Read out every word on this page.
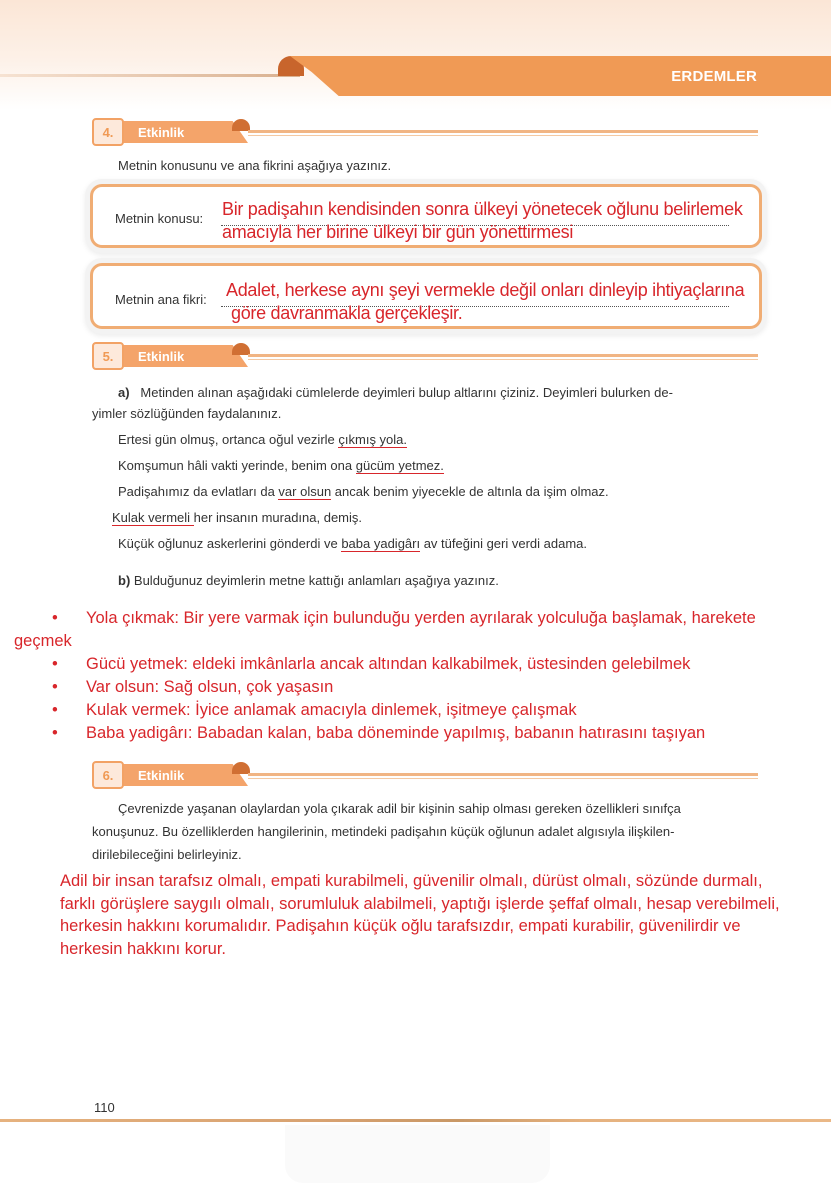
ERDEMLER
4.	Etkinlik
Metnin konusunu ve ana fikrini aşağıya yazınız.
Metnin konusu: Bir padişahın kendisinden sonra ülkeyi yönetecek oğlunu belirlemek
amacıyla her birine ülkeyi bir gün yönettirmesi
Metnin ana fikri: Adalet, herkese aynı şeyi vermekle değil onları dinleyip ihtiyaçlarına
göre davranmakla gerçekleşir.
5.	Etkinlik
a) Metinden alınan aşağıdaki cümlelerde deyimleri bulup altlarını çiziniz. Deyimleri bulurken de-
yimler sözlüğünden faydalanınız.
Ertesi gün olmuş, ortanca oğul vezirle çıkmış yola.
Komşumun hâli vakti yerinde, benim ona gücüm yetmez.
Padişahımız da evlatları da var olsun ancak benim yiyecekle de altınla da işim olmaz.
Kulak vermeli her insanın muradına, demiş.
Küçük oğlunuz askerlerini gönderdi ve baba yadigârı av tüfeğini geri verdi adama.
b) Bulduğunuz deyimlerin metne kattığı anlamları aşağıya yazınız.
• Yola çıkmak: Bir yere varmak için bulunduğu yerden ayrılarak yolculuğa başlamak, harekete
geçmek
• Gücü yetmek: eldeki imkânlarla ancak altından kalkabilmek, üstesinden gelebilmek
• Var olsun: Sağ olsun, çok yaşasın
• Kulak vermek: İyice anlamak amacıyla dinlemek, işitmeye çalışmak
• Baba yadigârı: Babadan kalan, baba döneminde yapılmış, babanın hatırasını taşıyan
6.	Etkinlik
Çevrenizde yaşanan olaylardan yola çıkarak adil bir kişinin sahip olması gereken özellikleri sınıfça
konuşunuz. Bu özelliklerden hangilerinin, metindeki padişahın küçük oğlunun adalet algısıyla ilişkilen-
dirilebileceğini belirleyiniz.
Adil bir insan tarafsız olmalı, empati kurabilmeli, güvenilir olmalı, dürüst olmalı, sözünde durmalı,
farklı görüşlere saygılı olmalı, sorumluluk alabilmeli, yaptığı işlerde şeffaf olmalı, hesap verebilmeli,
herkesin hakkını korumalıdır. Padişahın küçük oğlu tarafsızdır, empati kurabilir, güvenilirdir ve
herkesin hakkını korur.
110
